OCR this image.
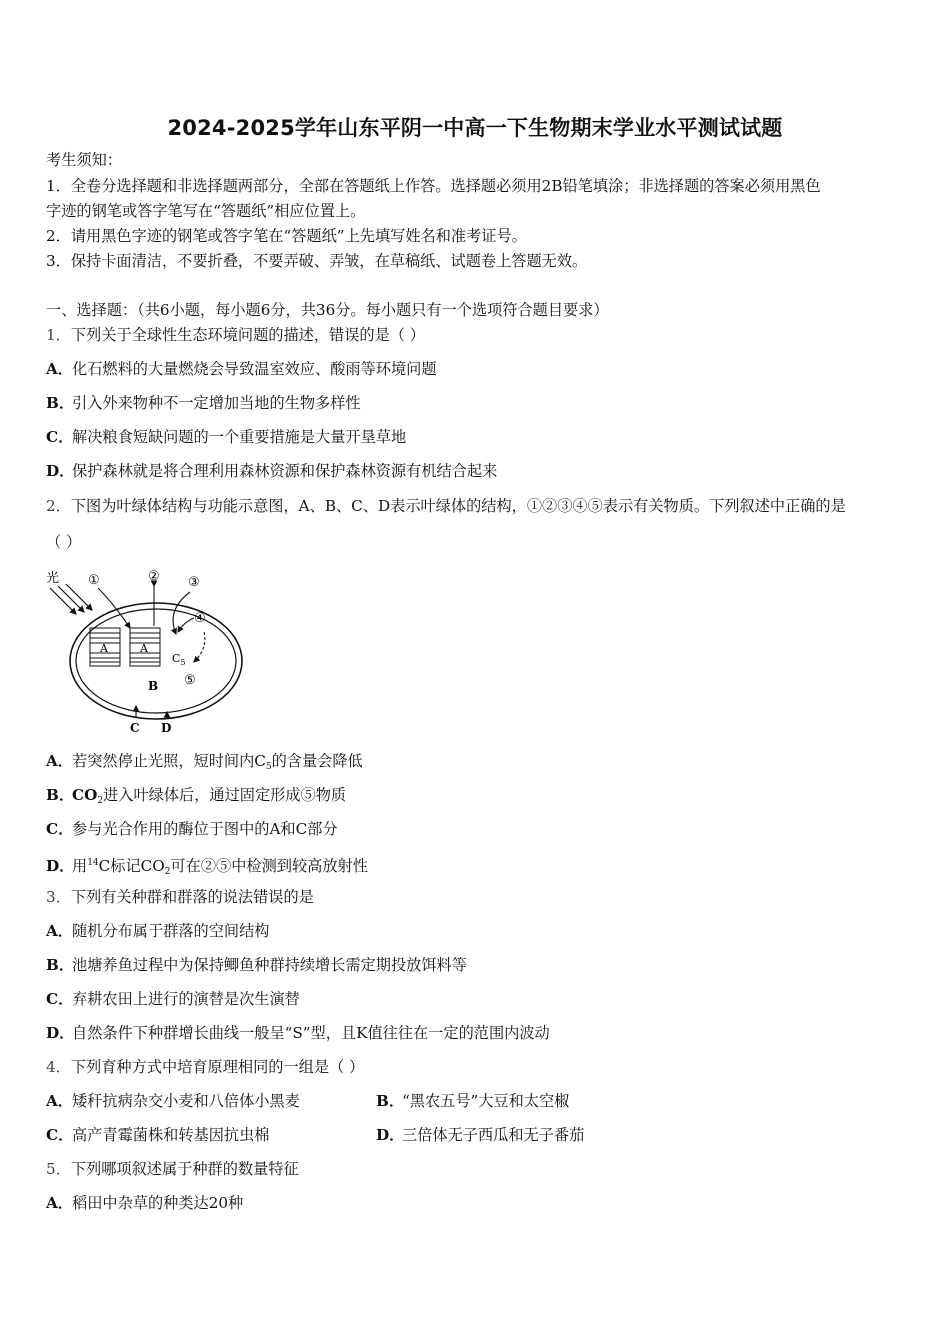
2024-2025学年山东平阴一中高一下生物期末学业水平测试试题
考生须知：
1．全卷分选择题和非选择题两部分，全部在答题纸上作答。选择题必须用2B铅笔填涂；非选择题的答案必须用黑色
字迹的钢笔或答字笔写在“答题纸”相应位置上。
2．请用黑色字迹的钢笔或答字笔在“答题纸”上先填写姓名和准考证号。
3．保持卡面清洁，不要折叠，不要弄破、弄皱，在草稿纸、试题卷上答题无效。
一、选择题：（共6小题，每小题6分，共36分。每小题只有一个选项符合题目要求）
1．下列关于全球性生态环境问题的描述，错误的是（ ）
A．化石燃料的大量燃烧会导致温室效应、酸雨等环境问题
B．引入外来物种不一定增加当地的生物多样性
C．解决粮食短缺问题的一个重要措施是大量开垦草地
D．保护森林就是将合理利用森林资源和保护森林资源有机结合起来
2．下图为叶绿体结构与功能示意图，A、B、C、D表示叶绿体的结构，①②③④⑤表示有关物质。下列叙述中正确的是
（ ）
光
A	A
①	② ③
④
$C_5$
⑤
B
C D
A．若突然停止光照，短时间内$C_5$的含量会降低
B．$CO_2$进入叶绿体后，通过固定形成⑤物质
C．参与光合作用的酶位于图中的A和C部分
D．用$^{14}$C标记$CO_2$可在②⑤中检测到较高放射性
3．下列有关种群和群落的说法错误的是
A．随机分布属于群落的空间结构
B．池塘养鱼过程中为保持鲫鱼种群持续增长需定期投放饵料等
C．弃耕农田上进行的演替是次生演替
D．自然条件下种群增长曲线一般呈“S”型，且K值往往在一定的范围内波动
4．下列育种方式中培育原理相同的一组是（ ）
A．矮秆抗病杂交小麦和八倍体小黑麦	B．“黑农五号”大豆和太空椒
C．高产青霉菌株和转基因抗虫棉	D．三倍体无子西瓜和无子番茄
5．下列哪项叙述属于种群的数量特征
A．稻田中杂草的种类达20种
